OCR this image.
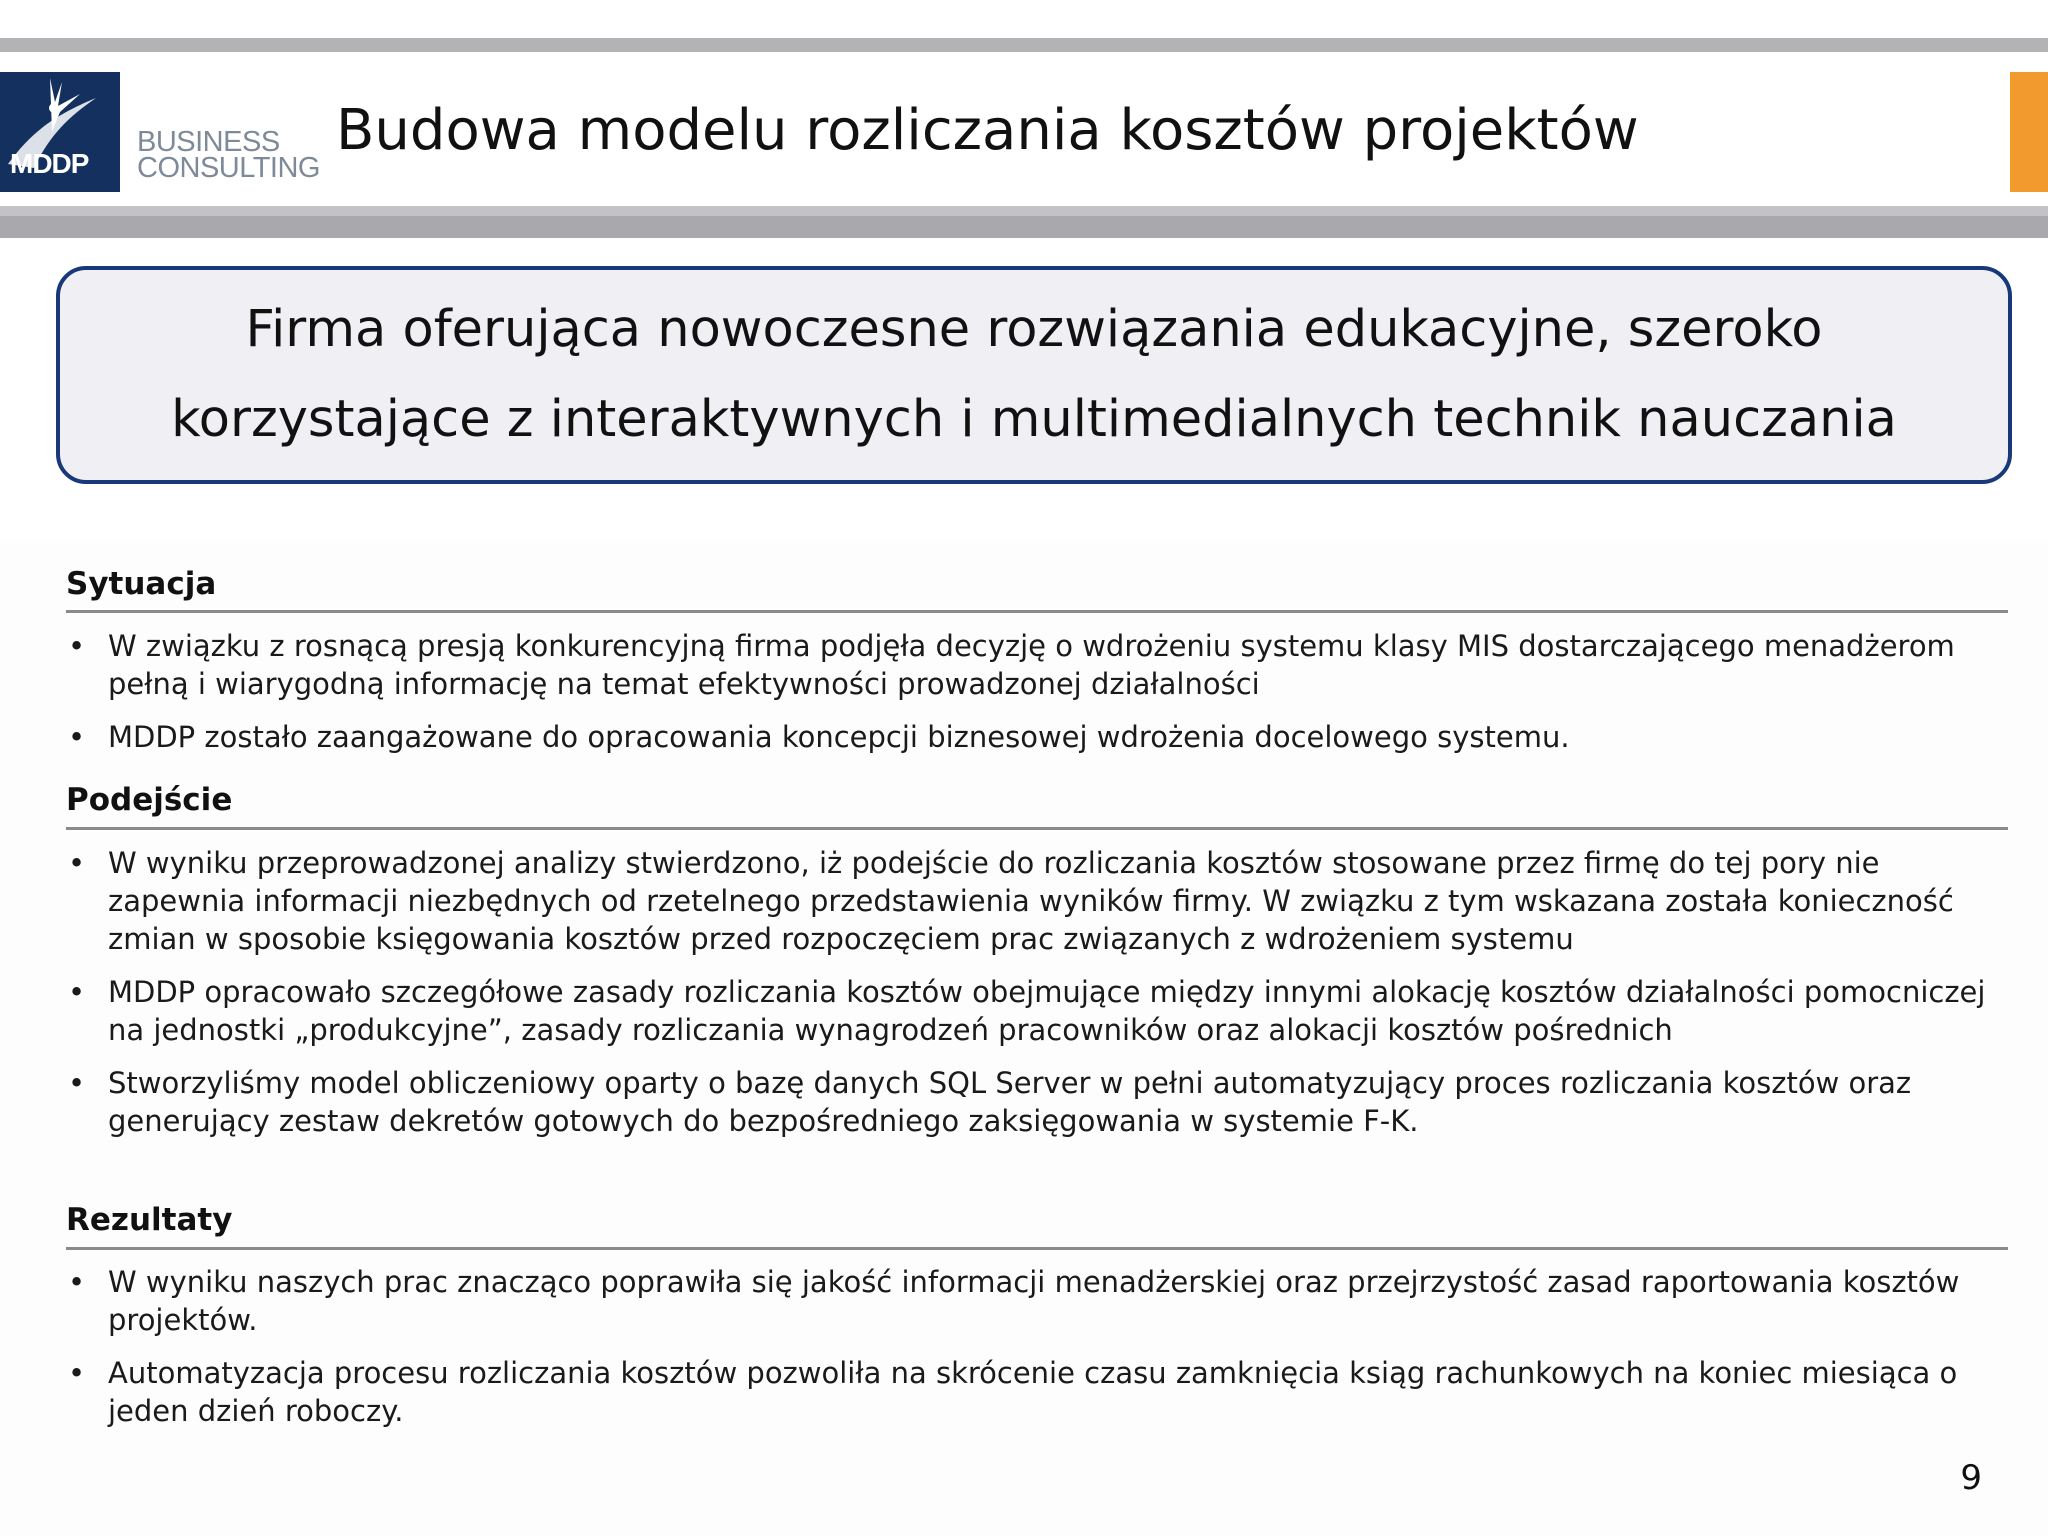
MDDP
BUSINESS
CONSULTING
Budowa modelu rozliczania kosztów projektów
Firma oferująca nowoczesne rozwiązania edukacyjne, szeroko
korzystające z interaktywnych i multimedialnych technik nauczania
Sytuacja
• W związku z rosnącą presją konkurencyjną firma podjęła decyzję o wdrożeniu systemu klasy MIS dostarczającego menadżerom pełną i wiarygodną informację na temat efektywności prowadzonej działalności
• MDDP zostało zaangażowane do opracowania koncepcji biznesowej wdrożenia docelowego systemu.
Podejście
• W wyniku przeprowadzonej analizy stwierdzono, iż podejście do rozliczania kosztów stosowane przez firmę do tej pory nie zapewnia informacji niezbędnych od rzetelnego przedstawienia wyników firmy. W związku z tym wskazana została konieczność zmian w sposobie księgowania kosztów przed rozpoczęciem prac związanych z wdrożeniem systemu
• MDDP opracowało szczegółowe zasady rozliczania kosztów obejmujące między innymi alokację kosztów działalności pomocniczej na jednostki „produkcyjne”, zasady rozliczania wynagrodzeń pracowników oraz alokacji kosztów pośrednich
• Stworzyliśmy model obliczeniowy oparty o bazę danych SQL Server w pełni automatyzujący proces rozliczania kosztów oraz generujący zestaw dekretów gotowych do bezpośredniego zaksięgowania w systemie F-K.
Rezultaty
• W wyniku naszych prac znacząco poprawiła się jakość informacji menadżerskiej oraz przejrzystość zasad raportowania kosztów projektów.
• Automatyzacja procesu rozliczania kosztów pozwoliła na skrócenie czasu zamknięcia ksiąg rachunkowych na koniec miesiąca o jeden dzień roboczy.
9
